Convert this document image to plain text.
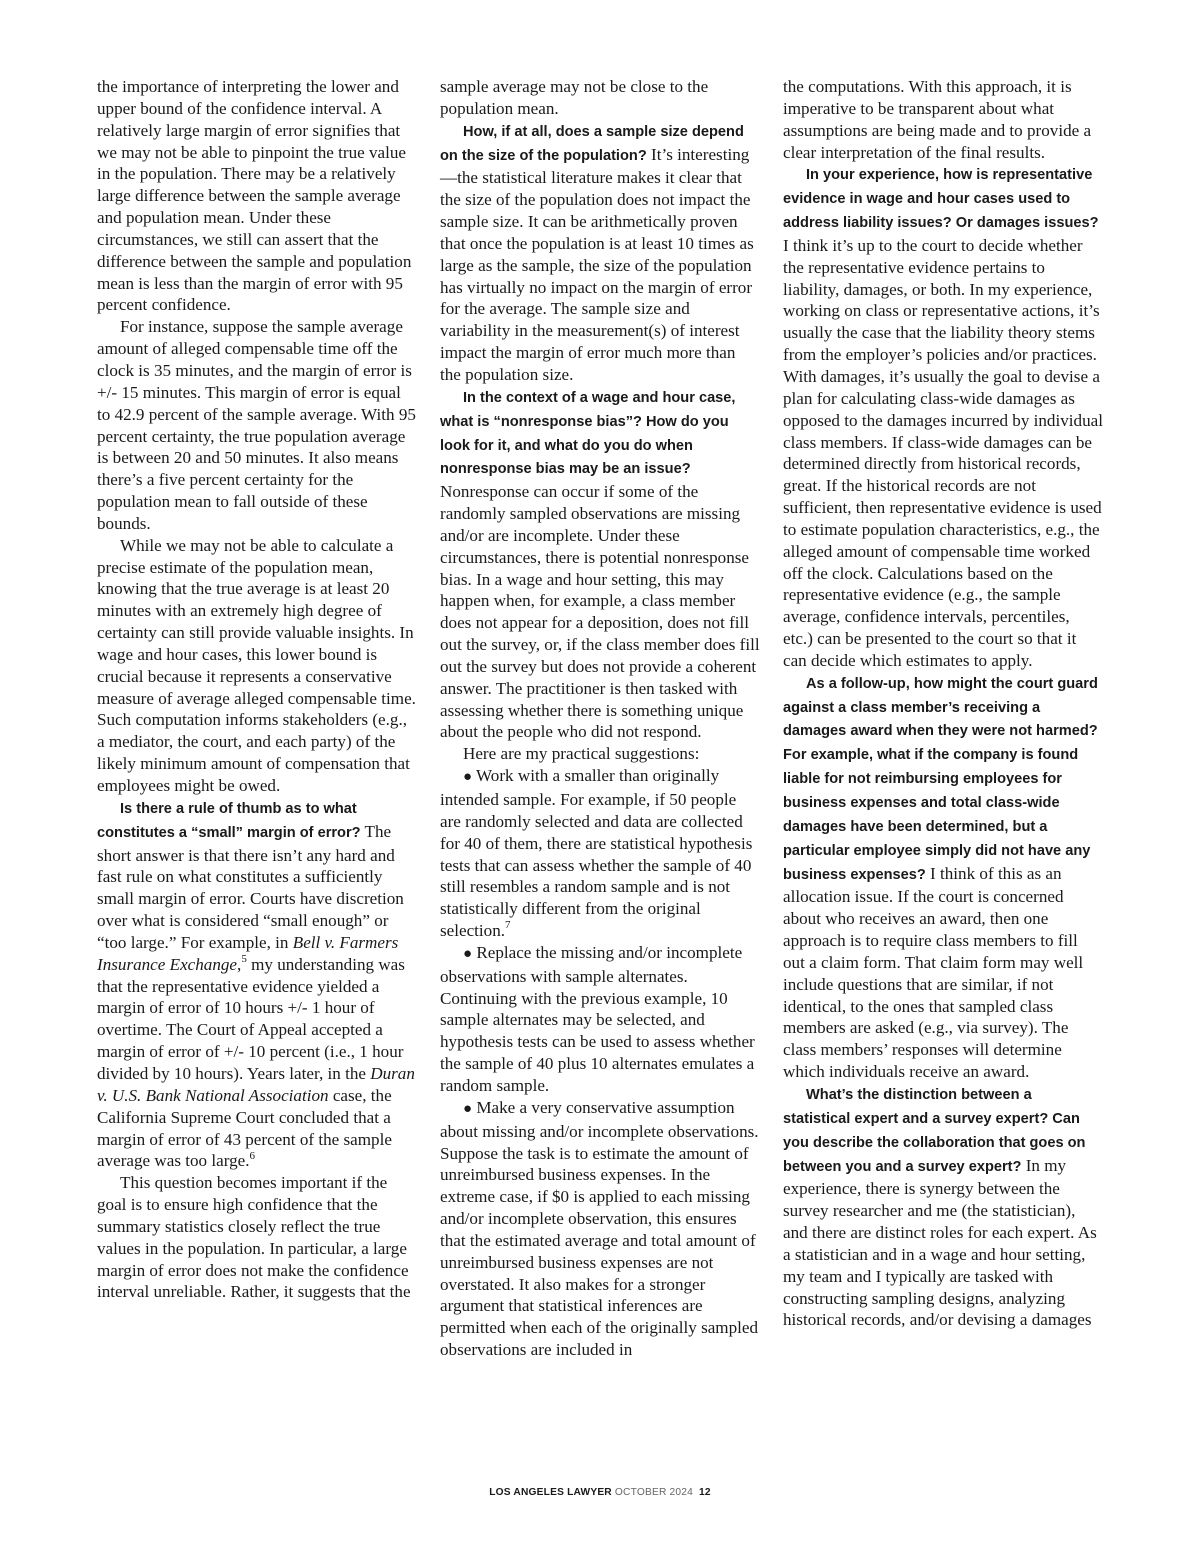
the importance of interpreting the lower and upper bound of the confidence interval. A relatively large margin of error signifies that we may not be able to pinpoint the true value in the population. There may be a relatively large difference between the sample average and population mean. Under these circumstances, we still can assert that the difference between the sample and population mean is less than the margin of error with 95 percent confidence.

For instance, suppose the sample average amount of alleged compensable time off the clock is 35 minutes, and the margin of error is +/- 15 minutes. This margin of error is equal to 42.9 percent of the sample average. With 95 percent certainty, the true population average is between 20 and 50 minutes. It also means there’s a five percent certainty for the population mean to fall outside of these bounds.

While we may not be able to calculate a precise estimate of the population mean, knowing that the true average is at least 20 minutes with an extremely high degree of certainty can still provide valuable insights. In wage and hour cases, this lower bound is crucial because it represents a conservative measure of average alleged compensable time. Such computation informs stakeholders (e.g., a mediator, the court, and each party) of the likely minimum amount of compensation that employees might be owed.

Is there a rule of thumb as to what constitutes a “small” margin of error? The short answer is that there isn’t any hard and fast rule on what constitutes a sufficiently small margin of error. Courts have discretion over what is considered “small enough” or “too large.” For example, in Bell v. Farmers Insurance Exchange,$^5$ my understanding was that the representative evidence yielded a margin of error of 10 hours +/- 1 hour of overtime. The Court of Appeal accepted a margin of error of +/- 10 percent (i.e., 1 hour divided by 10 hours). Years later, in the Duran v. U.S. Bank National Association case, the California Supreme Court concluded that a margin of error of 43 percent of the sample average was too large.$^6$

This question becomes important if the goal is to ensure high confidence that the summary statistics closely reflect the true values in the population. In particular, a large margin of error does not make the confidence interval unreliable. Rather, it suggests that the

sample average may not be close to the population mean.

How, if at all, does a sample size depend on the size of the population? It’s interesting—the statistical literature makes it clear that the size of the population does not impact the sample size. It can be arithmetically proven that once the population is at least 10 times as large as the sample, the size of the population has virtually no impact on the margin of error for the average. The sample size and variability in the measurement(s) of interest impact the margin of error much more than the population size.

In the context of a wage and hour case, what is “nonresponse bias”? How do you look for it, and what do you do when nonresponse bias may be an issue? Nonresponse can occur if some of the randomly sampled observations are missing and/or are incomplete. Under these circumstances, there is potential nonresponse bias. In a wage and hour setting, this may happen when, for example, a class member does not appear for a deposition, does not fill out the survey, or, if the class member does fill out the survey but does not provide a coherent answer. The practitioner is then tasked with assessing whether there is something unique about the people who did not respond.

Here are my practical suggestions:

● Work with a smaller than originally intended sample. For example, if 50 people are randomly selected and data are collected for 40 of them, there are statistical hypothesis tests that can assess whether the sample of 40 still resembles a random sample and is not statistically different from the original selection.$^7$

● Replace the missing and/or incomplete observations with sample alternates. Continuing with the previous example, 10 sample alternates may be selected, and hypothesis tests can be used to assess whether the sample of 40 plus 10 alternates emulates a random sample.

● Make a very conservative assumption about missing and/or incomplete observations. Suppose the task is to estimate the amount of unreimbursed business expenses. In the extreme case, if $0 is applied to each missing and/or incomplete observation, this ensures that the estimated average and total amount of unreimbursed business expenses are not overstated. It also makes for a stronger argument that statistical inferences are permitted when each of the originally sampled observations are included in

the computations. With this approach, it is imperative to be transparent about what assumptions are being made and to provide a clear interpretation of the final results.

In your experience, how is representative evidence in wage and hour cases used to address liability issues? Or damages issues? I think it’s up to the court to decide whether the representative evidence pertains to liability, damages, or both. In my experience, working on class or representative actions, it’s usually the case that the liability theory stems from the employer’s policies and/or practices. With damages, it’s usually the goal to devise a plan for calculating class-wide damages as opposed to the damages incurred by individual class members. If class-wide damages can be determined directly from historical records, great. If the historical records are not sufficient, then representative evidence is used to estimate population characteristics, e.g., the alleged amount of compensable time worked off the clock. Calculations based on the representative evidence (e.g., the sample average, confidence intervals, percentiles, etc.) can be presented to the court so that it can decide which estimates to apply.

As a follow-up, how might the court guard against a class member’s receiving a damages award when they were not harmed? For example, what if the company is found liable for not reimbursing employees for business expenses and total class-wide damages have been determined, but a particular employee simply did not have any business expenses? I think of this as an allocation issue. If the court is concerned about who receives an award, then one approach is to require class members to fill out a claim form. That claim form may well include questions that are similar, if not identical, to the ones that sampled class members are asked (e.g., via survey). The class members’ responses will determine which individuals receive an award.

What’s the distinction between a statistical expert and a survey expert? Can you describe the collaboration that goes on between you and a survey expert? In my experience, there is synergy between the survey researcher and me (the statistician), and there are distinct roles for each expert. As a statistician and in a wage and hour setting, my team and I typically are tasked with constructing sampling designs, analyzing historical records, and/or devising a damages

LOS ANGELES LAWYER OCTOBER 2024 12
